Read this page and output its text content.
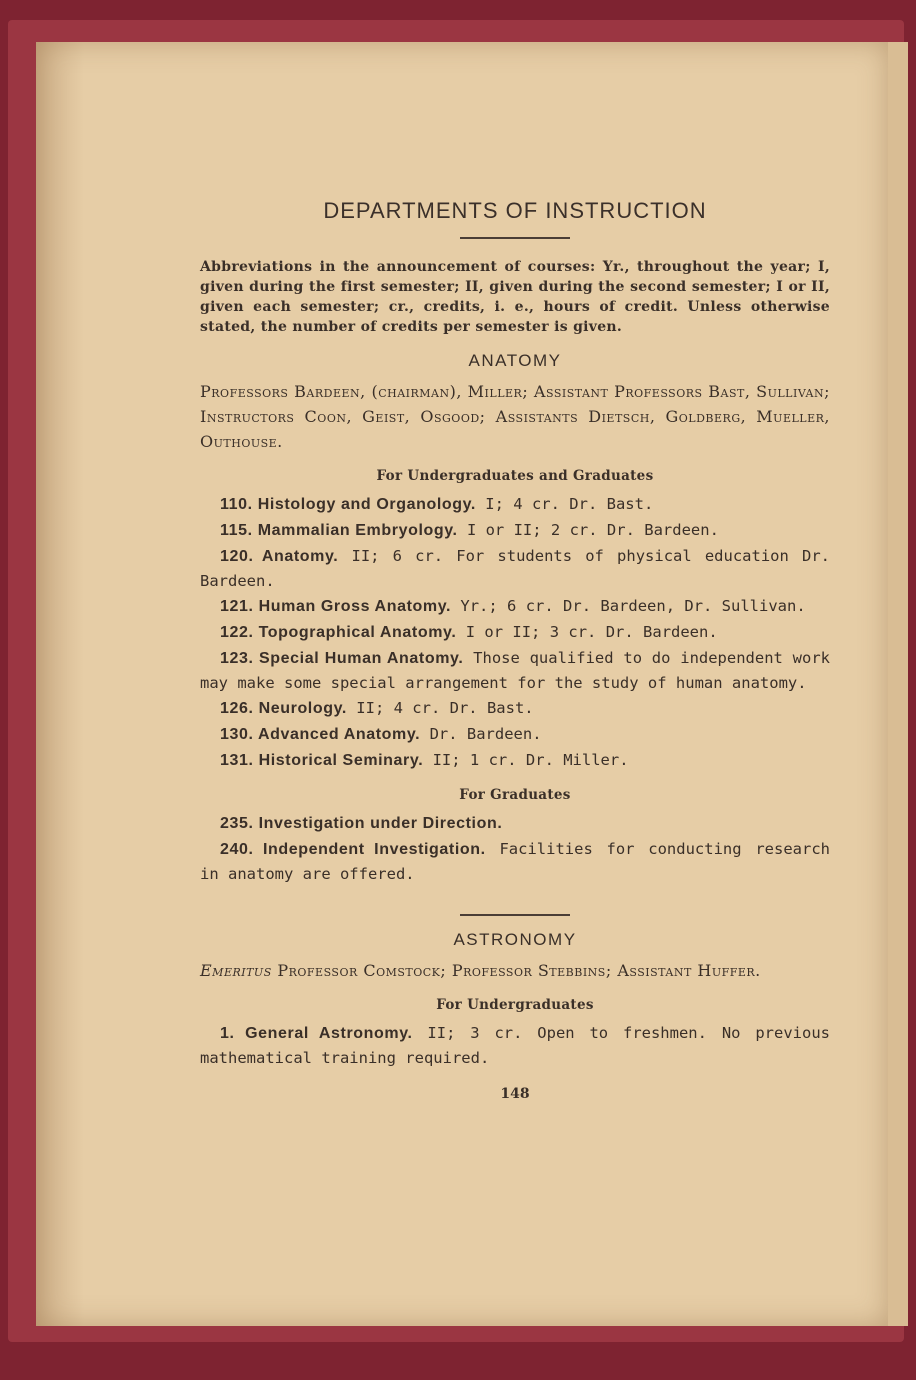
DEPARTMENTS OF INSTRUCTION
Abbreviations in the announcement of courses: Yr., throughout the year; I, given during the first semester; II, given during the second semester; I or II, given each semester; cr., credits, i. e., hours of credit. Unless otherwise stated, the number of credits per semester is given.
ANATOMY
Professors Bardeen, (chairman), Miller; Assistant Professors Bast, Sullivan; Instructors Coon, Geist, Osgood; Assistants Dietsch, Goldberg, Mueller, Outhouse.
For Undergraduates and Graduates
110. Histology and Organology. I; 4 cr. Dr. Bast.
115. Mammalian Embryology. I or II; 2 cr. Dr. Bardeen.
120. Anatomy. II; 6 cr. For students of physical education Dr. Bardeen.
121. Human Gross Anatomy. Yr.; 6 cr. Dr. Bardeen, Dr. Sullivan.
122. Topographical Anatomy. I or II; 3 cr. Dr. Bardeen.
123. Special Human Anatomy. Those qualified to do independent work may make some special arrangement for the study of human anatomy.
126. Neurology. II; 4 cr. Dr. Bast.
130. Advanced Anatomy. Dr. Bardeen.
131. Historical Seminary. II; 1 cr. Dr. Miller.
For Graduates
235. Investigation under Direction.
240. Independent Investigation. Facilities for conducting research in anatomy are offered.
ASTRONOMY
Emeritus Professor Comstock; Professor Stebbins; Assistant Huffer.
For Undergraduates
1. General Astronomy. II; 3 cr. Open to freshmen. No previous mathematical training required.
148
